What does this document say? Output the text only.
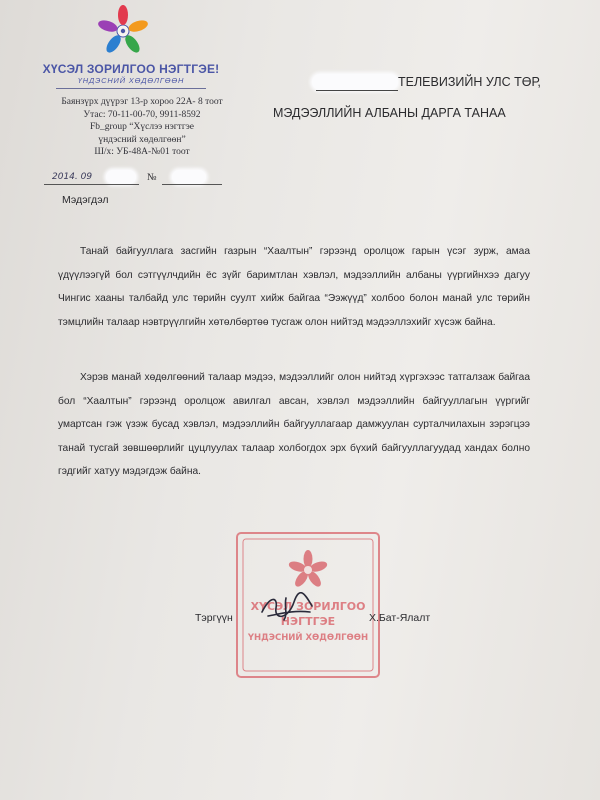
ХҮСЭЛ ЗОРИЛГОО НЭГТГЭЕ!
ҮНДЭСНИЙ ХӨДӨЛГӨӨН
Баянзүрх дүүрэг 13-р хороо 22А- 8 тоот
Утас: 70-11-00-70, 9911-8592
Fb_group “Хүслээ нэгтгэе
үндэсний хөдөлгөөн”
Ш/х: УБ-48А-№01 тоот
2014. 09	№
ТЕЛЕВИЗИЙН УЛС ТӨР,
МЭДЭЭЛЛИЙН АЛБАНЫ ДАРГА ТАНАА
Мэдэгдэл
Танай байгууллага засгийн газрын “Хаалтын” гэрээнд оролцож гарын үсэг зурж, амаа үдүүлээгүй бол сэтгүүлчдийн ёс зүйг баримтлан хэвлэл, мэдээллийн албаны үүргийнхээ дагуу Чингис хааны талбайд улс төрийн суулт хийж байгаа “Ээжүүд” холбоо болон манай улс төрийн тэмцлийн талаар нэвтрүүлгийн хөтөлбөртөө тусгаж олон нийтэд мэдээллэхийг хүсэж байна.
Хэрэв манай хөдөлгөөний талаар мэдээ, мэдээллийг олон нийтэд хүргэхээс татгалзаж байгаа бол “Хаалтын” гэрээнд оролцож авилгал авсан, хэвлэл мэдээллийн байгууллагын үүргийг умартсан гэж үзэж бусад хэвлэл, мэдээллийн байгууллагаар дамжуулан сурталчилахын зэрэгцээ танай тусгай зөвшөөрлийг цуцлуулах талаар холбогдох эрх бүхий байгууллагуудад хандах болно гэдгийг хатуу мэдэгдэж байна.
ХҮСЭЛ ЗОРИЛГОО
НЭГТГЭЕ
ҮНДЭСНИЙ ХӨДӨЛГӨӨН
Тэргүүн	Х.Бат-Ялалт
